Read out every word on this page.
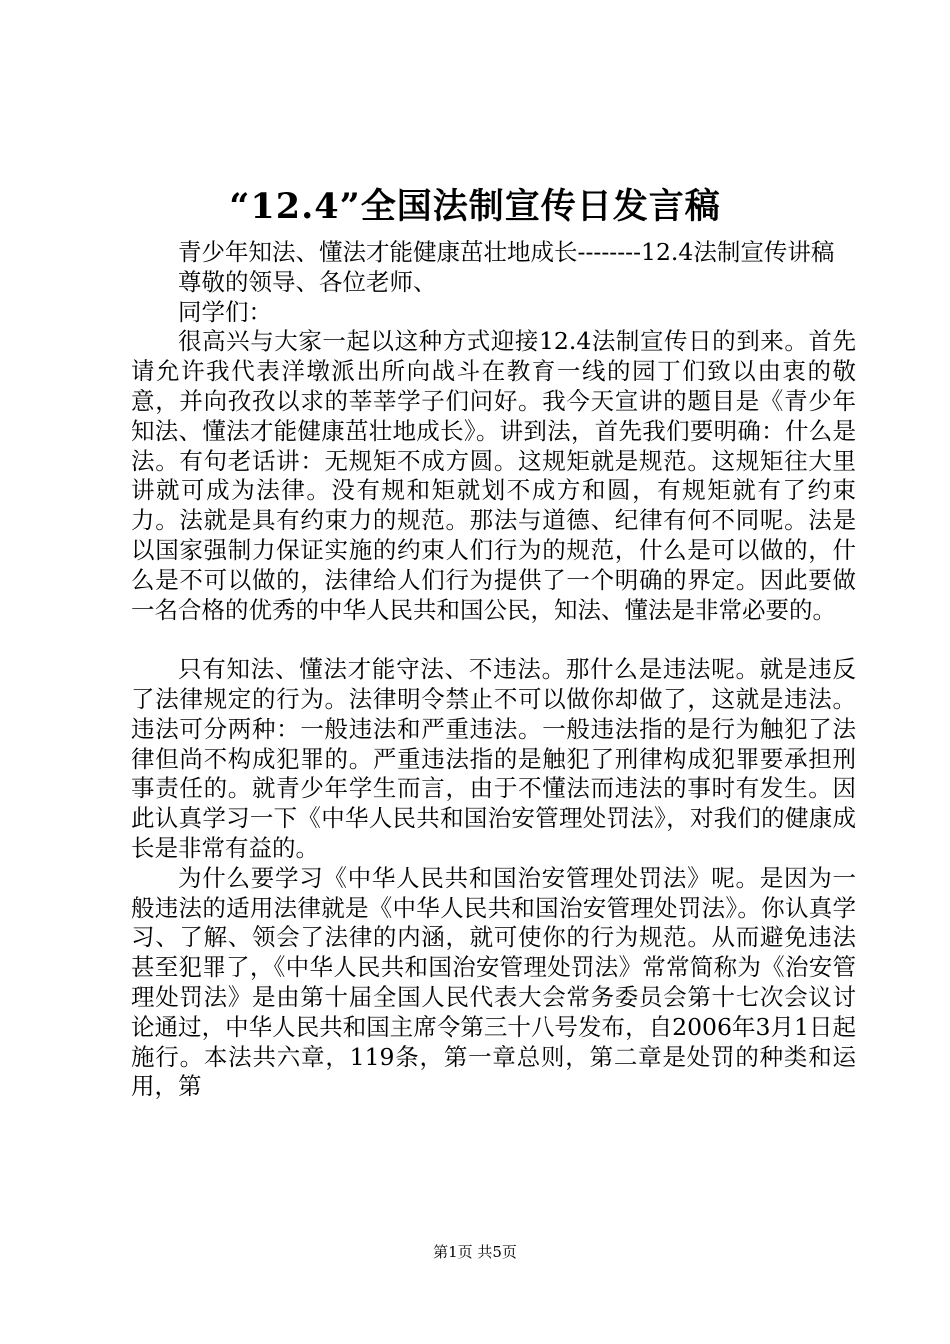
“12.4”全国法制宣传日发言稿

青少年知法、懂法才能健康茁壮地成长--------12.4法制宣传讲稿

尊敬的领导、各位老师、

同学们：

很高兴与大家一起以这种方式迎接12.4法制宣传日的到来。首先请允许我代表洋墩派出所向战斗在教育一线的园丁们致以由衷的敬意，并向孜孜以求的莘莘学子们问好。我今天宣讲的题目是《青少年知法、懂法才能健康茁壮地成长》。讲到法，首先我们要明确：什么是法。有句老话讲：无规矩不成方圆。这规矩就是规范。这规矩往大里讲就可成为法律。没有规和矩就划不成方和圆，有规矩就有了约束力。法就是具有约束力的规范。那法与道德、纪律有何不同呢。法是以国家强制力保证实施的约束人们行为的规范，什么是可以做的，什么是不可以做的，法律给人们行为提供了一个明确的界定。因此要做一名合格的优秀的中华人民共和国公民，知法、懂法是非常必要的。

只有知法、懂法才能守法、不违法。那什么是违法呢。就是违反了法律规定的行为。法律明令禁止不可以做你却做了，这就是违法。违法可分两种：一般违法和严重违法。一般违法指的是行为触犯了法律但尚不构成犯罪的。严重违法指的是触犯了刑律构成犯罪要承担刑事责任的。就青少年学生而言，由于不懂法而违法的事时有发生。因此认真学习一下《中华人民共和国治安管理处罚法》，对我们的健康成长是非常有益的。

为什么要学习《中华人民共和国治安管理处罚法》呢。是因为一般违法的适用法律就是《中华人民共和国治安管理处罚法》。你认真学习、了解、领会了法律的内涵，就可使你的行为规范。从而避免违法甚至犯罪了，《中华人民共和国治安管理处罚法》常常简称为《治安管理处罚法》是由第十届全国人民代表大会常务委员会第十七次会议讨论通过，中华人民共和国主席令第三十八号发布，自2006年3月1日起施行。本法共六章，119条，第一章总则，第二章是处罚的种类和运用，第

第1页 共5页
